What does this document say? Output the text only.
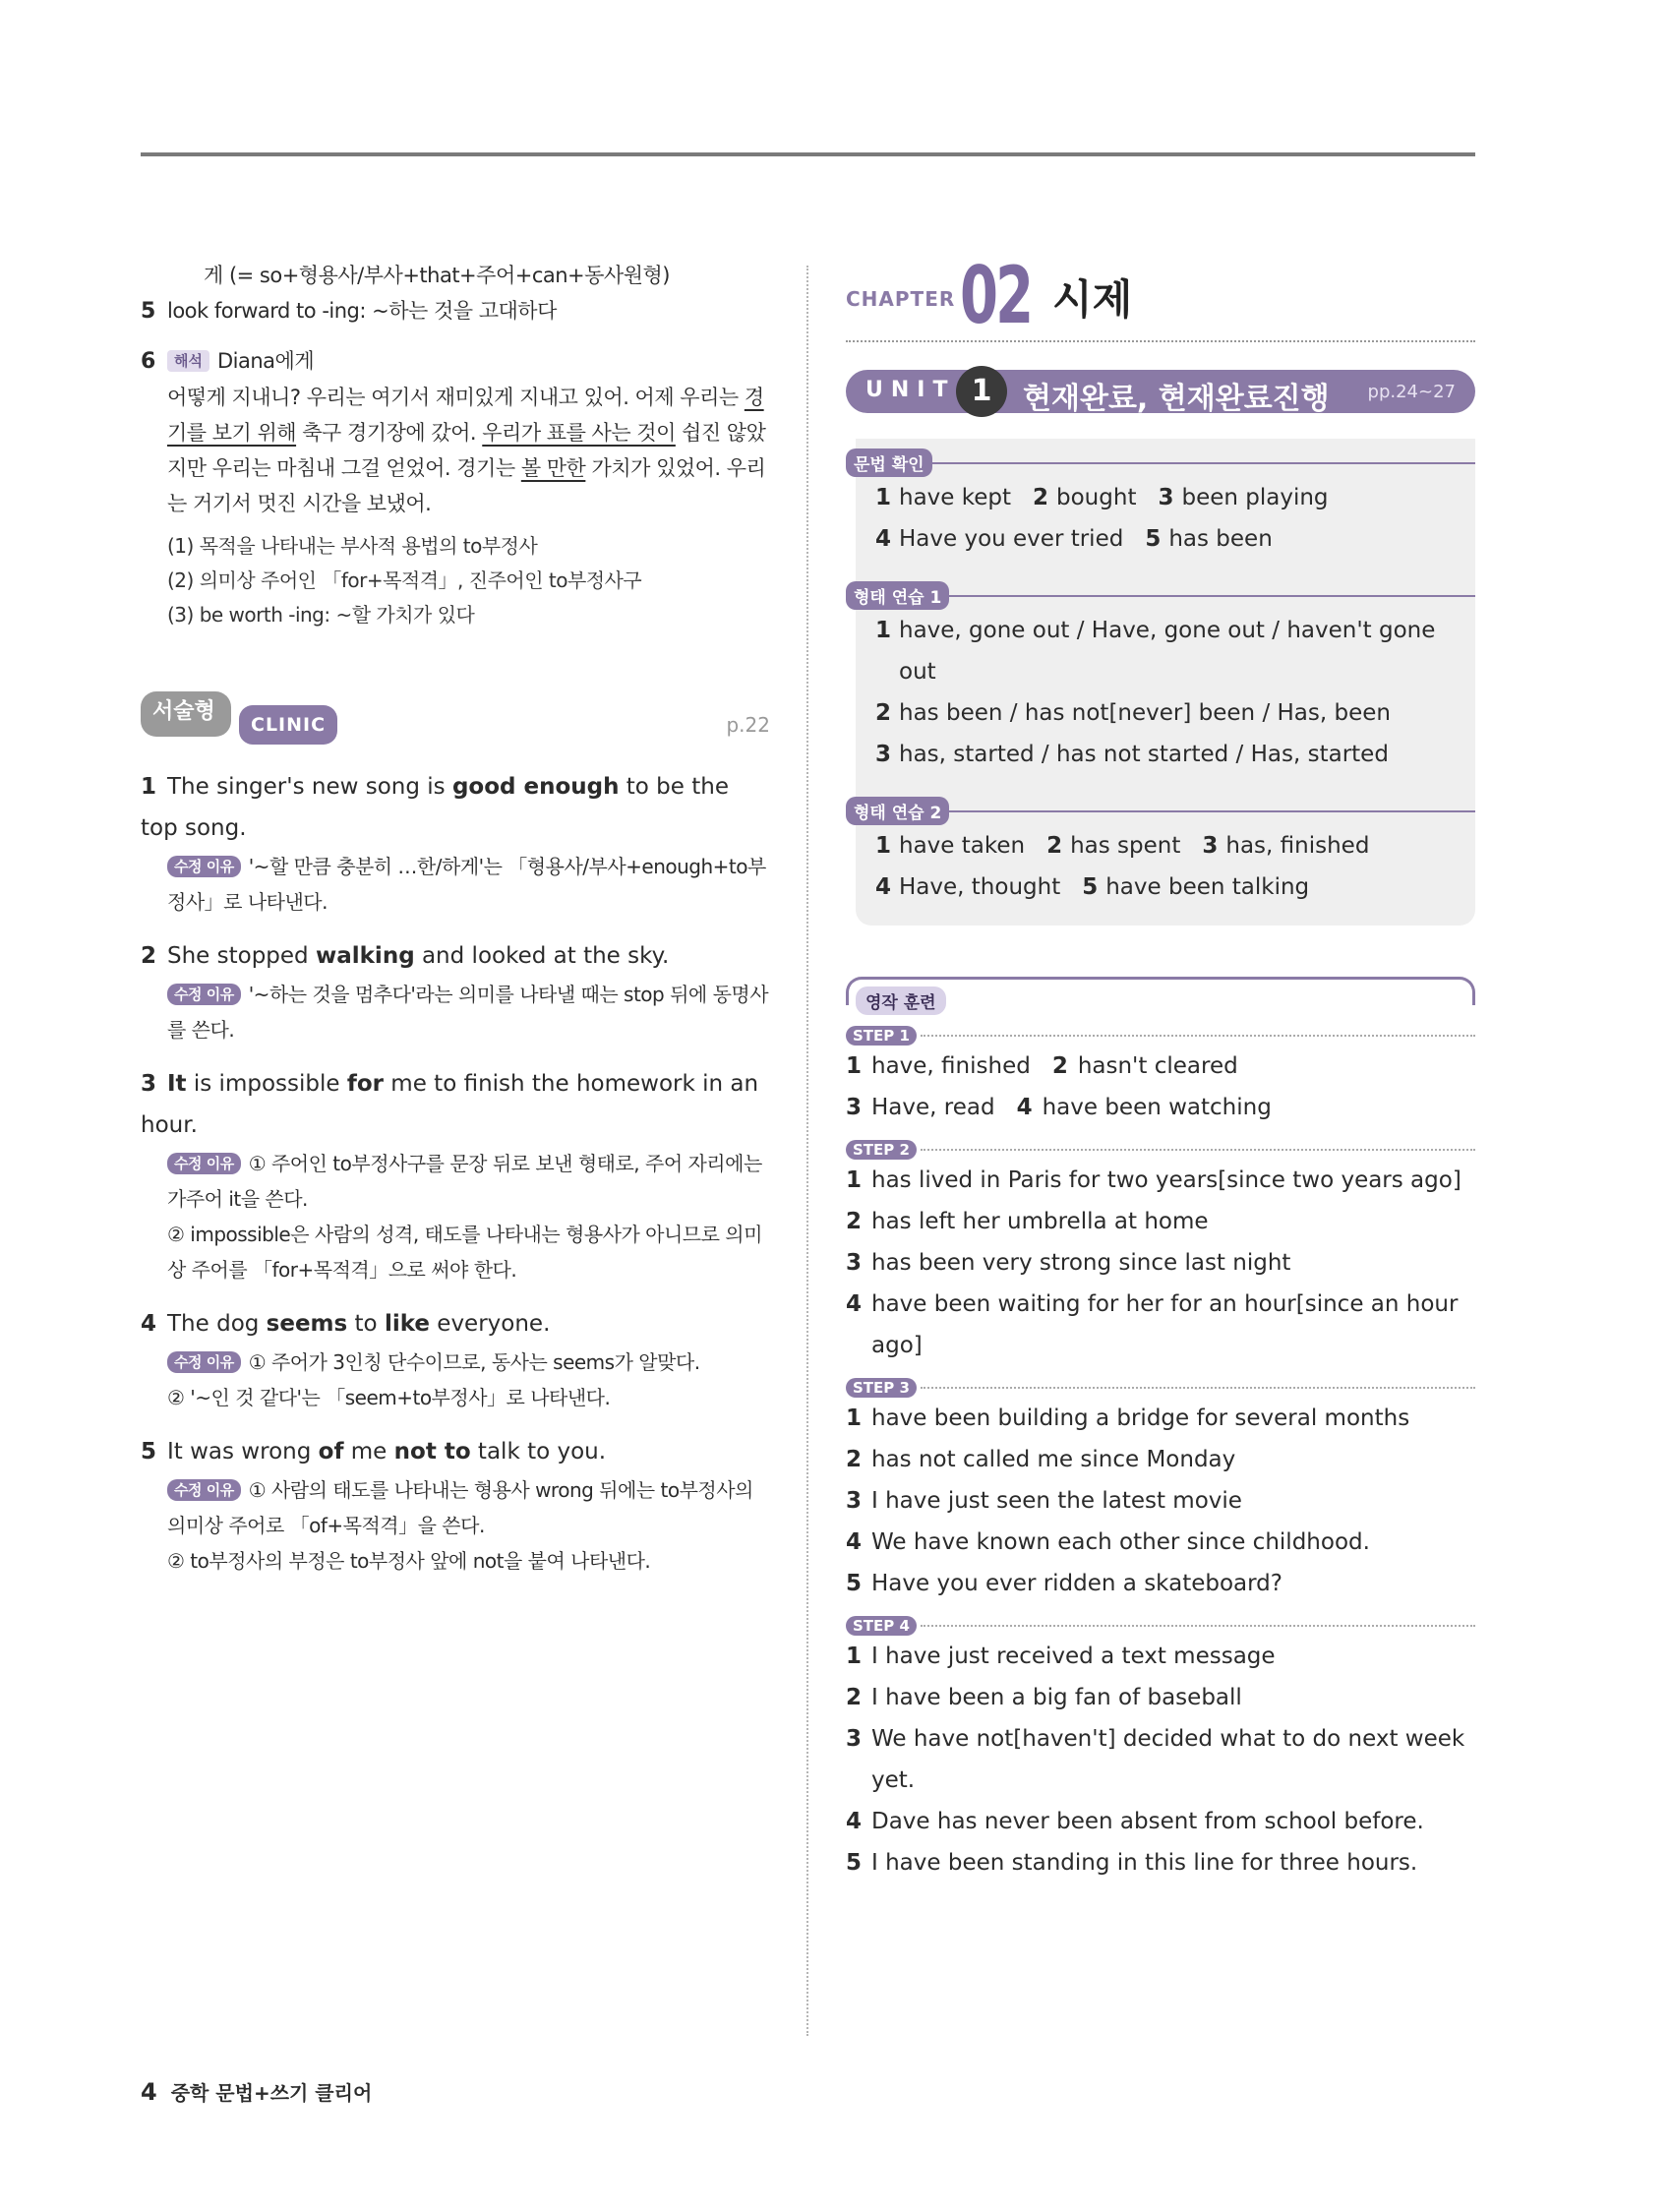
게 (= so+형용사/부사+that+주어+can+동사원형)
5 look forward to -ing: ~하는 것을 고대하다
6 해석 Diana에게
어떻게 지내니? 우리는 여기서 재미있게 지내고 있어. 어제 우리는 경기를 보기 위해 축구 경기장에 갔어. 우리가 표를 사는 것이 쉽진 않았지만 우리는 마침내 그걸 얻었어. 경기는 볼 만한 가치가 있었어. 우리는 거기서 멋진 시간을 보냈어.
(1) 목적을 나타내는 부사적 용법의 to부정사
(2) 의미상 주어인 「for+목적격」, 진주어인 to부정사구
(3) be worth -ing: ~할 가치가 있다
서술형
CLINIC	p.22
1 The singer's new song is good enough to be the top song.
수정 이유 '~할 만큼 충분히 …한/하게'는 「형용사/부사+enough+to부정사」로 나타낸다.
2 She stopped walking and looked at the sky.
수정 이유 '~하는 것을 멈추다'라는 의미를 나타낼 때는 stop 뒤에 동명사를 쓴다.
3 It is impossible for me to finish the homework in an hour.
수정 이유 ① 주어인 to부정사구를 문장 뒤로 보낸 형태로, 주어 자리에는 가주어 it을 쓴다.
② impossible은 사람의 성격, 태도를 나타내는 형용사가 아니므로 의미상 주어를 「for+목적격」으로 써야 한다.
4 The dog seems to like everyone.
수정 이유 ① 주어가 3인칭 단수이므로, 동사는 seems가 알맞다.
② '~인 것 같다'는 「seem+to부정사」로 나타낸다.
5 It was wrong of me not to talk to you.
수정 이유 ① 사람의 태도를 나타내는 형용사 wrong 뒤에는 to부정사의 의미상 주어로 「of+목적격」을 쓴다.
② to부정사의 부정은 to부정사 앞에 not을 붙여 나타낸다.
4 중학 문법+쓰기 클리어
CHAPTER 02 시제
UNIT 1	현재완료, 현재완료진행 pp.24~27
문법 확인
1 have kept 2 bought 3 been playing
4 Have you ever tried 5 has been
형태 연습 1
1 have, gone out / Have, gone out / haven't gone
out
2 has been / has not[never] been / Has, been
3 has, started / has not started / Has, started
형태 연습 2
1 have taken 2 has spent 3 has, finished
4 Have, thought 5 have been talking
영작 훈련
STEP 1
1 have, finished 2 hasn't cleared
3 Have, read 4 have been watching
STEP 2
1 has lived in Paris for two years[since two years ago]
2 has left her umbrella at home
3 has been very strong since last night
4 have been waiting for her for an hour[since an hour
ago]
STEP 3
1 have been building a bridge for several months
2 has not called me since Monday
3 I have just seen the latest movie
4 We have known each other since childhood.
5 Have you ever ridden a skateboard?
STEP 4
1 I have just received a text message
2 I have been a big fan of baseball
3 We have not[haven't] decided what to do next week
yet.
4 Dave has never been absent from school before.
5 I have been standing in this line for three hours.
